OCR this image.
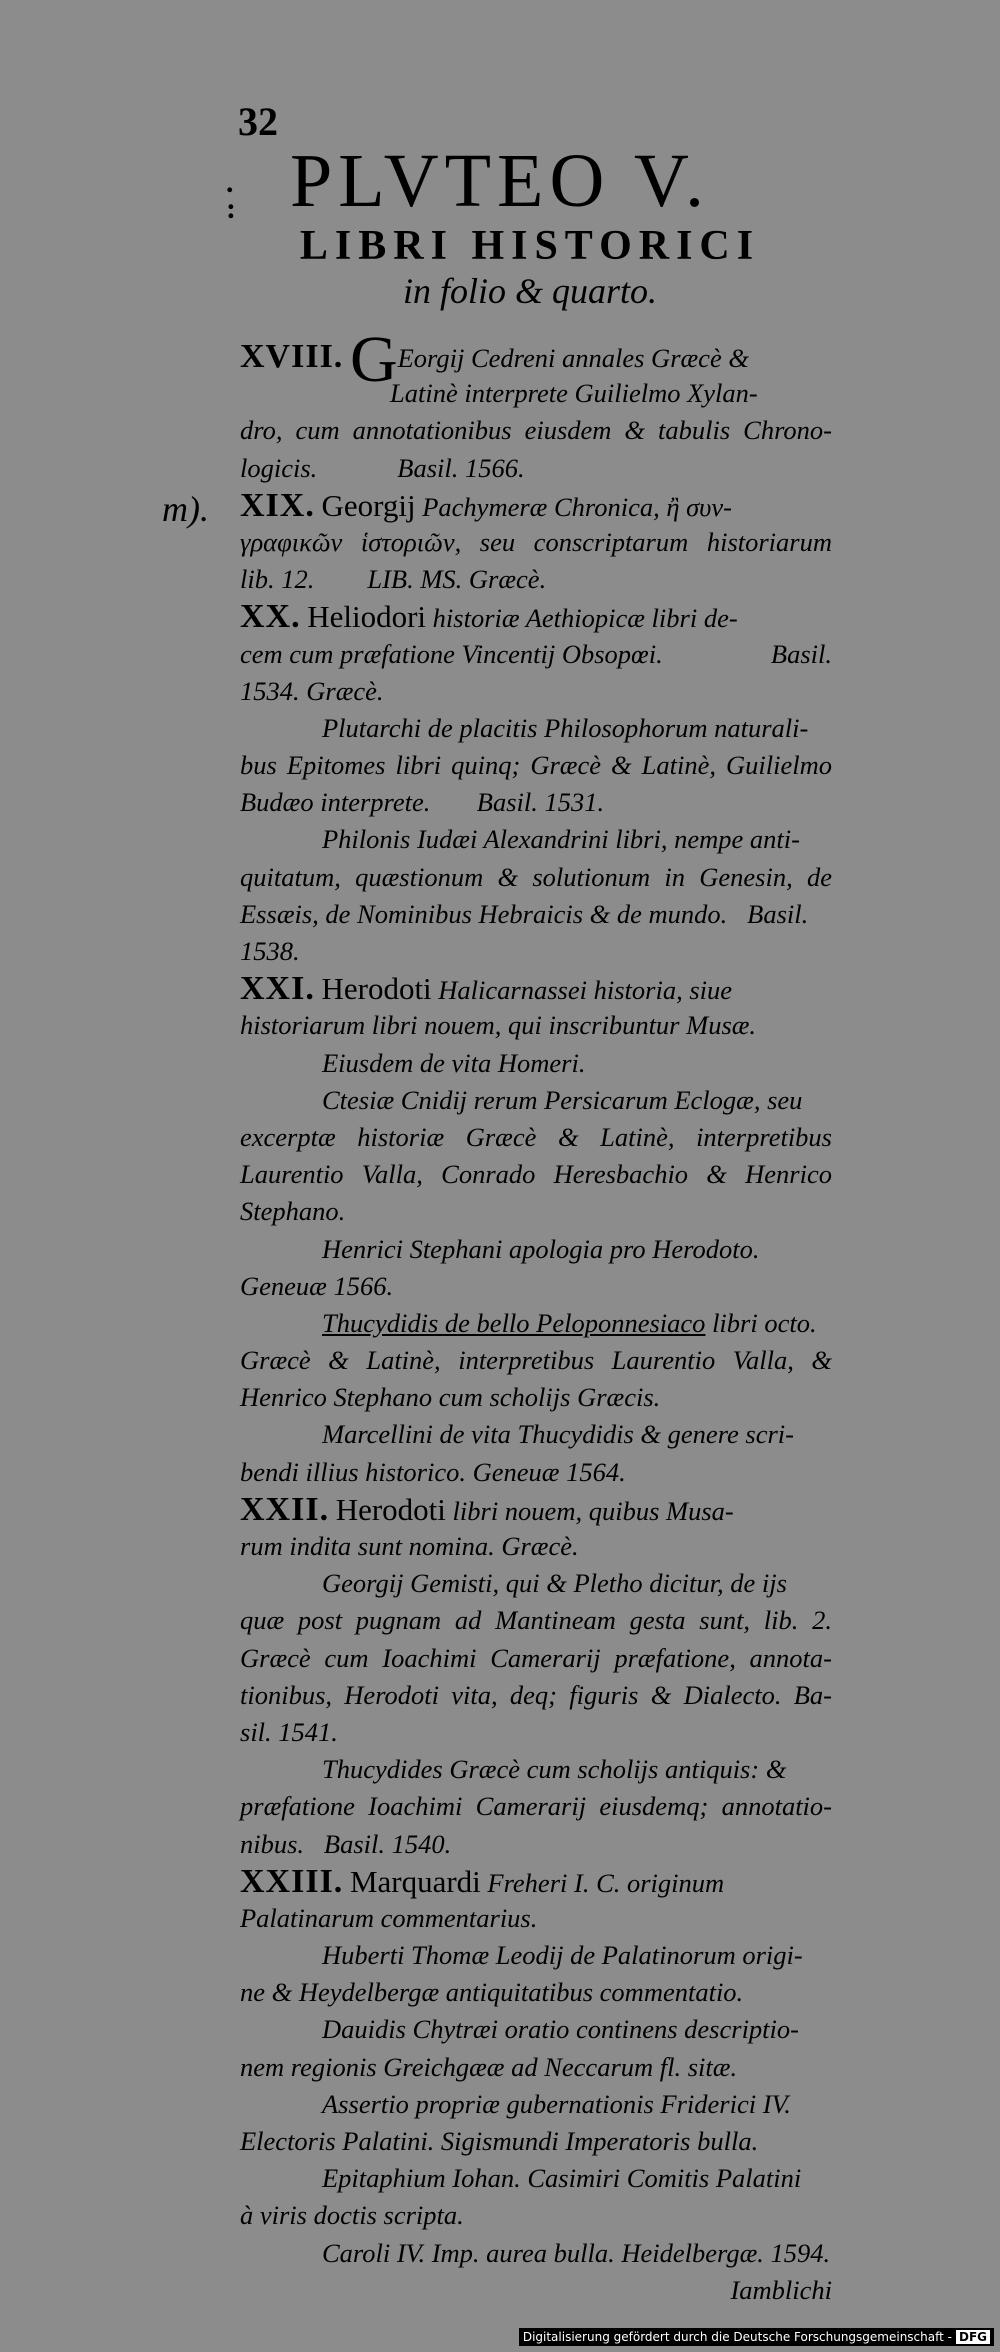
32
.
: PLVTEO V.
LIBRI HISTORICI
in folio & quarto.
m).
XVIII. GEorgij Cedreni annales Græcè &
Latinè interprete Guilielmo Xylan-
dro, cum annotationibus eiusdem & tabulis Chrono-
logicis.	Basil. 1566.
XIX. Georgij Pachymeræ Chronica, ἢ συν-
γραφικῶν ἱστοριῶν, seu conscriptarum historiarum
lib. 12.        LIB. MS. Græcè.
XX. Heliodori historiæ Aethiopicæ libri de-
cem cum præfatione Vincentij Obsopœi.	Basil.
1534. Græcè.
Plutarchi de placitis Philosophorum naturali-
bus Epitomes libri quinq; Græcè & Latinè, Guilielmo
Budæo interprete.       Basil. 1531.
Philonis Iudæi Alexandrini libri, nempe anti-
quitatum, quæstionum & solutionum in Genesin, de
Essæis, de Nominibus Hebraicis & de mundo.   Basil.
1538.
XXI. Herodoti Halicarnassei historia, siue
historiarum libri nouem, qui inscribuntur Musæ.
Eiusdem de vita Homeri.
Ctesiæ Cnidij rerum Persicarum Eclogæ, seu
excerptæ historiæ Græcè & Latinè, interpretibus
Laurentio Valla, Conrado Heresbachio & Henrico
Stephano.
Henrici Stephani apologia pro Herodoto.
Geneuæ 1566.
Thucydidis de bello Peloponnesiaco libri octo.
Græcè & Latinè, interpretibus Laurentio Valla, &
Henrico Stephano cum scholijs Græcis.
Marcellini de vita Thucydidis & genere scri-
bendi illius historico. Geneuæ 1564.
XXII. Herodoti libri nouem, quibus Musa-
rum indita sunt nomina. Græcè.
Georgij Gemisti, qui & Pletho dicitur, de ijs
quæ post pugnam ad Mantineam gesta sunt, lib. 2.
Græcè cum Ioachimi Camerarij præfatione, annota-
tionibus, Herodoti vita, deq; figuris & Dialecto. Ba-
sil. 1541.
Thucydides Græcè cum scholijs antiquis: &
præfatione Ioachimi Camerarij eiusdemq; annotatio-
nibus.   Basil. 1540.
XXIII. Marquardi Freheri I. C. originum
Palatinarum commentarius.
Huberti Thomæ Leodij de Palatinorum origi-
ne & Heydelbergæ antiquitatibus commentatio.
Dauidis Chytræi oratio continens descriptio-
nem regionis Greichgææ ad Neccarum fl. sitæ.
Assertio propriæ gubernationis Friderici IV.
Electoris Palatini. Sigismundi Imperatoris bulla.
Epitaphium Iohan. Casimiri Comitis Palatini
à viris doctis scripta.
Caroli IV. Imp. aurea bulla. Heidelbergæ. 1594.
Iamblichi
Digitalisierung gefördert durch die Deutsche Forschungsgemeinschaft - DFG
